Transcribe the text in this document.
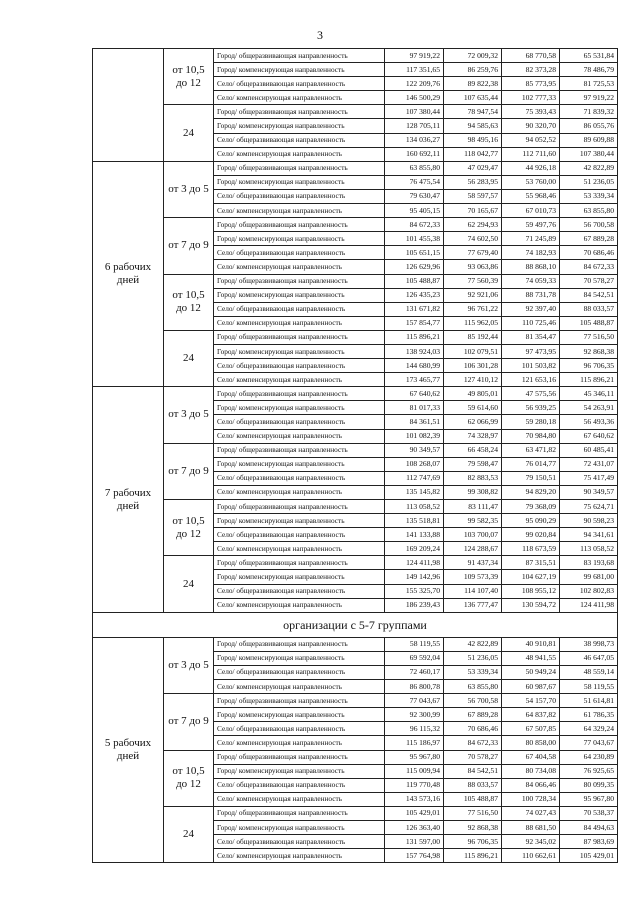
3
	от 10,5 до 12	Город/ общеразвивающая направленность	97 919,22	72 009,32	68 770,58	65 531,84
		Город/ компенсирующая направленность	117 351,65	86 259,76	82 373,28	78 486,79
		Село/ общеразвивающая направленность	122 209,76	89 822,38	85 773,95	81 725,53
		Село/ компенсирующая направленность	146 500,29	107 635,44	102 777,33	97 919,22
	24	Город/ общеразвивающая направленность	107 380,44	78 947,54	75 393,43	71 839,32
		Город/ компенсирующая направленность	128 705,11	94 585,63	90 320,70	86 055,76
		Село/ общеразвивающая направленность	134 036,27	98 495,16	94 052,52	89 609,88
		Село/ компенсирующая направленность	160 692,11	118 042,77	112 711,60	107 380,44
6 рабочих дней	от 3 до 5	Город/ общеразвивающая направленность	63 855,80	47 029,47	44 926,18	42 822,89
		Город/ компенсирующая направленность	76 475,54	56 283,95	53 760,00	51 236,05
		Село/ общеразвивающая направленность	79 630,47	58 597,57	55 968,46	53 339,34
		Село/ компенсирующая направленность	95 405,15	70 165,67	67 010,73	63 855,80
	от 7 до 9	Город/ общеразвивающая направленность	84 672,33	62 294,93	59 497,76	56 700,58
		Город/ компенсирующая направленность	101 455,38	74 602,50	71 245,89	67 889,28
		Село/ общеразвивающая направленность	105 651,15	77 679,40	74 182,93	70 686,46
		Село/ компенсирующая направленность	126 629,96	93 063,86	88 868,10	84 672,33
	от 10,5 до 12	Город/ общеразвивающая направленность	105 488,87	77 560,39	74 059,33	70 578,27
		Город/ компенсирующая направленность	126 435,23	92 921,06	88 731,78	84 542,51
		Село/ общеразвивающая направленность	131 671,82	96 761,22	92 397,40	88 033,57
		Село/ компенсирующая направленность	157 854,77	115 962,05	110 725,46	105 488,87
	24	Город/ общеразвивающая направленность	115 896,21	85 192,44	81 354,47	77 516,50
		Город/ компенсирующая направленность	138 924,03	102 079,51	97 473,95	92 868,38
		Село/ общеразвивающая направленность	144 680,99	106 301,28	101 503,82	96 706,35
		Село/ компенсирующая направленность	173 465,77	127 410,12	121 653,16	115 896,21
7 рабочих дней	от 3 до 5	Город/ общеразвивающая направленность	67 640,62	49 805,01	47 575,56	45 346,11
		Город/ компенсирующая направленность	81 017,33	59 614,60	56 939,25	54 263,91
		Село/ общеразвивающая направленность	84 361,51	62 066,99	59 280,18	56 493,36
		Село/ компенсирующая направленность	101 082,39	74 328,97	70 984,80	67 640,62
	от 7 до 9	Город/ общеразвивающая направленность	90 349,57	66 458,24	63 471,82	60 485,41
		Город/ компенсирующая направленность	108 268,07	79 598,47	76 014,77	72 431,07
		Село/ общеразвивающая направленность	112 747,69	82 883,53	79 150,51	75 417,49
		Село/ компенсирующая направленность	135 145,82	99 308,82	94 829,20	90 349,57
	от 10,5 до 12	Город/ общеразвивающая направленность	113 058,52	83 111,47	79 368,09	75 624,71
		Город/ компенсирующая направленность	135 518,81	99 582,35	95 090,29	90 598,23
		Село/ общеразвивающая направленность	141 133,88	103 700,07	99 020,84	94 341,61
		Село/ компенсирующая направленность	169 209,24	124 288,67	118 673,59	113 058,52
	24	Город/ общеразвивающая направленность	124 411,98	91 437,34	87 315,51	83 193,68
		Город/ компенсирующая направленность	149 142,96	109 573,39	104 627,19	99 681,00
		Село/ общеразвивающая направленность	155 325,70	114 107,40	108 955,12	102 802,83
		Село/ компенсирующая направленность	186 239,43	136 777,47	130 594,72	124 411,98
организации с 5-7 группами						
5 рабочих дней	от 3 до 5	Город/ общеразвивающая направленность	58 119,55	42 822,89	40 910,81	38 998,73
		Город/ компенсирующая направленность	69 592,04	51 236,05	48 941,55	46 647,05
		Село/ общеразвивающая направленность	72 460,17	53 339,34	50 949,24	48 559,14
		Село/ компенсирующая направленность	86 800,78	63 855,80	60 987,67	58 119,55
	от 7 до 9	Город/ общеразвивающая направленность	77 043,67	56 700,58	54 157,70	51 614,81
		Город/ компенсирующая направленность	92 300,99	67 889,28	64 837,82	61 786,35
		Село/ общеразвивающая направленность	96 115,32	70 686,46	67 507,85	64 329,24
		Село/ компенсирующая направленность	115 186,97	84 672,33	80 858,00	77 043,67
	от 10,5 до 12	Город/ общеразвивающая направленность	95 967,80	70 578,27	67 404,58	64 230,89
		Город/ компенсирующая направленность	115 009,94	84 542,51	80 734,08	76 925,65
		Село/ общеразвивающая направленность	119 770,48	88 033,57	84 066,46	80 099,35
		Село/ компенсирующая направленность	143 573,16	105 488,87	100 728,34	95 967,80
	24	Город/ общеразвивающая направленность	105 429,01	77 516,50	74 027,43	70 538,37
		Город/ компенсирующая направленность	126 363,40	92 868,38	88 681,50	84 494,63
		Село/ общеразвивающая направленность	131 597,00	96 706,35	92 345,02	87 983,69
		Село/ компенсирующая направленность	157 764,98	115 896,21	110 662,61	105 429,01
